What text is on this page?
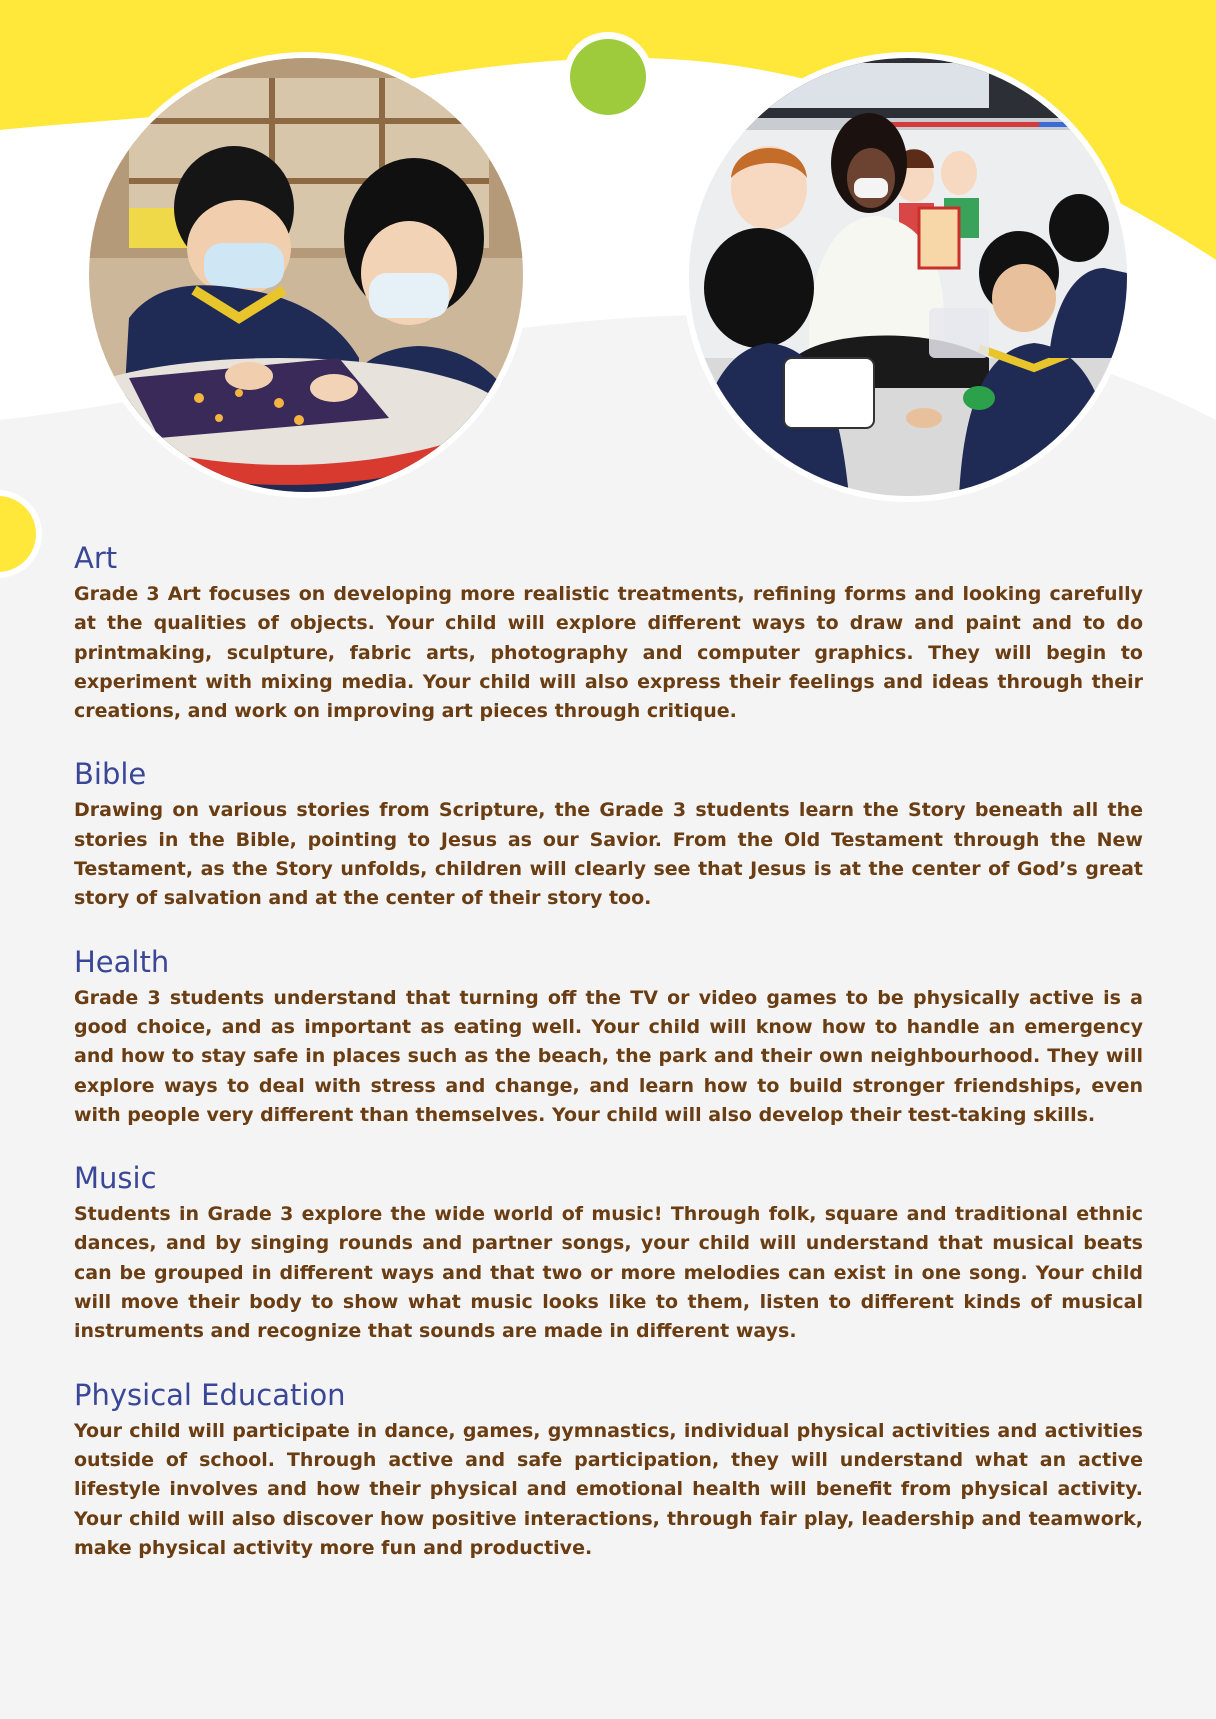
Art

Grade 3 Art focuses on developing more realistic treatments, refining forms and looking carefully at the qualities of objects. Your child will explore different ways to draw and paint and to do printmaking, sculpture, fabric arts, photography and computer graphics. They will begin to experiment with mixing media. Your child will also express their feelings and ideas through their creations, and work on improving art pieces through critique.

Bible

Drawing on various stories from Scripture, the Grade 3 students learn the Story beneath all the stories in the Bible, pointing to Jesus as our Savior. From the Old Testament through the New Testament, as the Story unfolds, children will clearly see that Jesus is at the center of God’s great story of salvation and at the center of their story too.

Health

Grade 3 students understand that turning off the TV or video games to be physically active is a good choice, and as important as eating well. Your child will know how to handle an emergency and how to stay safe in places such as the beach, the park and their own neighbourhood. They will explore ways to deal with stress and change, and learn how to build stronger friendships, even with people very different than themselves. Your child will also develop their test-taking skills.

Music

Students in Grade 3 explore the wide world of music! Through folk, square and traditional ethnic dances, and by singing rounds and partner songs, your child will understand that musical beats can be grouped in different ways and that two or more melodies can exist in one song. Your child will move their body to show what music looks like to them, listen to different kinds of musical instruments and recognize that sounds are made in different ways.

Physical Education

Your child will participate in dance, games, gymnastics, individual physical activities and activities outside of school. Through active and safe participation, they will understand what an active lifestyle involves and how their physical and emotional health will benefit from physical activity. Your child will also discover how positive interactions, through fair play, leadership and teamwork, make physical activity more fun and productive.
